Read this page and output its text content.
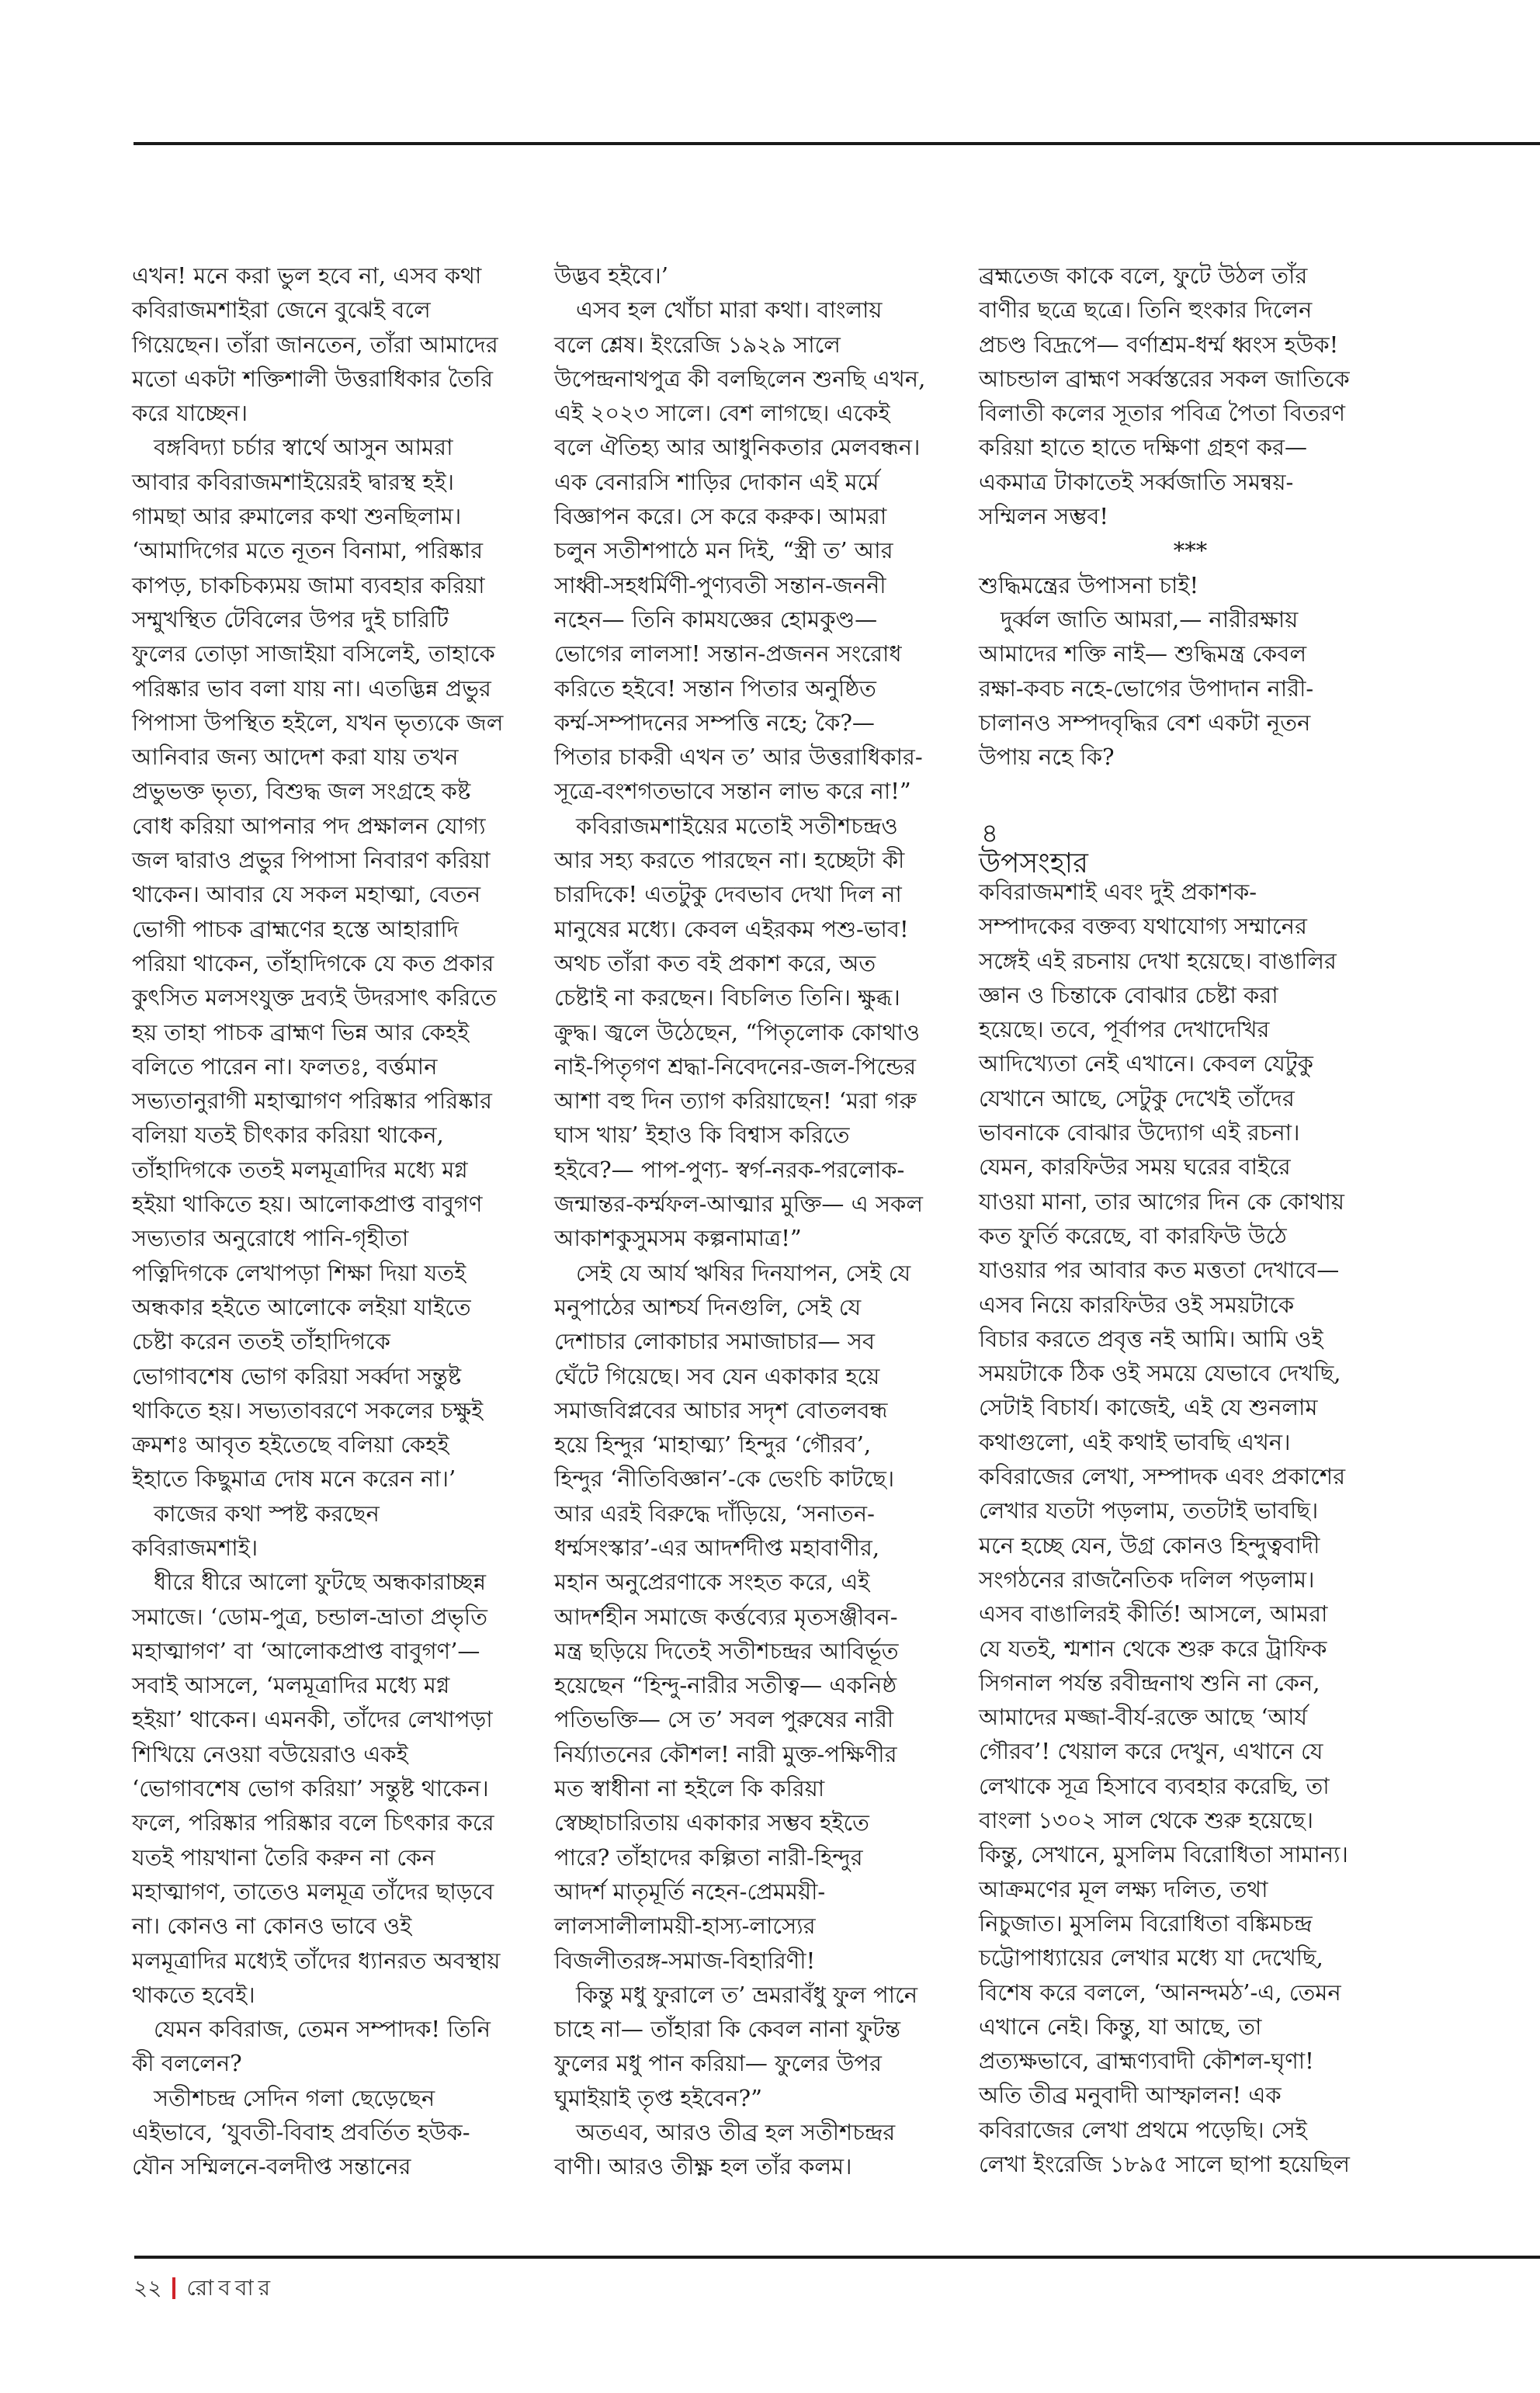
এখন! মনে করা ভুল হবে না, এসব কথা
কবিরাজমশাইরা জেনে বুঝেই বলে
গিয়েছেন। তাঁরা জানতেন, তাঁরা আমাদের
মতো একটা শক্তিশালী উত্তরাধিকার তৈরি
করে যাচ্ছেন।
বঙ্গবিদ্যা চর্চার স্বার্থে আসুন আমরা
আবার কবিরাজমশাইয়েরই দ্বারস্থ হই।
গামছা আর রুমালের কথা শুনছিলাম।
‘আমাদিগের মতে নূতন বিনামা, পরিষ্কার
কাপড়, চাকচিক্যময় জামা ব্যবহার করিয়া
সম্মুখস্থিত টেবিলের উপর দুই চারিটি
ফুলের তোড়া সাজাইয়া বসিলেই, তাহাকে
পরিষ্কার ভাব বলা যায় না। এতদ্ভিন্ন প্রভুর
পিপাসা উপস্থিত হইলে, যখন ভৃত্যকে জল
আনিবার জন্য আদেশ করা যায় তখন
প্রভুভক্ত ভৃত্য, বিশুদ্ধ জল সংগ্রহে কষ্ট
বোধ করিয়া আপনার পদ প্রক্ষালন যোগ্য
জল দ্বারাও প্রভুর পিপাসা নিবারণ করিয়া
থাকেন। আবার যে সকল মহাত্মা, বেতন
ভোগী পাচক ব্রাহ্মণের হস্তে আহারাদি
পরিয়া থাকেন, তাঁহাদিগকে যে কত প্রকার
কুৎসিত মলসংযুক্ত দ্রব্যই উদরসাৎ করিতে
হয় তাহা পাচক ব্রাহ্মণ ভিন্ন আর কেহই
বলিতে পারেন না। ফলতঃ, বর্ত্তমান
সভ্যতানুরাগী মহাত্মাগণ পরিষ্কার পরিষ্কার
বলিয়া যতই চীৎকার করিয়া থাকেন,
তাঁহাদিগকে ততই মলমূত্রাদির মধ্যে মগ্ন
হইয়া থাকিতে হয়। আলোকপ্রাপ্ত বাবুগণ
সভ্যতার অনুরোধে পানি-গৃহীতা
পত্নিদিগকে লেখাপড়া শিক্ষা দিয়া যতই
অন্ধকার হইতে আলোকে লইয়া যাইতে
চেষ্টা করেন ততই তাঁহাদিগকে
ভোগাবশেষ ভোগ করিয়া সর্ব্বদা সন্তুষ্ট
থাকিতে হয়। সভ্যতাবরণে সকলের চক্ষুই
ক্রমশঃ আবৃত হইতেছে বলিয়া কেহই
ইহাতে কিছুমাত্র দোষ মনে করেন না।’
কাজের কথা স্পষ্ট করছেন
কবিরাজমশাই।
ধীরে ধীরে আলো ফুটছে অন্ধকারাচ্ছন্ন
সমাজে। ‘ডোম-পুত্র, চন্ডাল-ভ্রাতা প্রভৃতি
মহাত্মাগণ’ বা ‘আলোকপ্রাপ্ত বাবুগণ’—
সবাই আসলে, ‘মলমূত্রাদির মধ্যে মগ্ন
হইয়া’ থাকেন। এমনকী, তাঁদের লেখাপড়া
শিখিয়ে নেওয়া বউয়েরাও একই
‘ভোগাবশেষ ভোগ করিয়া’ সন্তুষ্ট থাকেন।
ফলে, পরিষ্কার পরিষ্কার বলে চিৎকার করে
যতই পায়খানা তৈরি করুন না কেন
মহাত্মাগণ, তাতেও মলমূত্র তাঁদের ছাড়বে
না। কোনও না কোনও ভাবে ওই
মলমূত্রাদির মধ্যেই তাঁদের ধ্যানরত অবস্থায়
থাকতে হবেই।
যেমন কবিরাজ, তেমন সম্পাদক! তিনি
কী বললেন?
সতীশচন্দ্র সেদিন গলা ছেড়েছেন
এইভাবে, ‘যুবতী-বিবাহ প্রবর্তিত হউক-
যৌন সম্মিলনে-বলদীপ্ত সন্তানের
উদ্ভব হইবে।’
এসব হল খোঁচা মারা কথা। বাংলায়
বলে শ্লেষ। ইংরেজি ১৯২৯ সালে
উপেন্দ্রনাথপুত্র কী বলছিলেন শুনছি এখন,
এই ২০২৩ সালে। বেশ লাগছে। একেই
বলে ঐতিহ্য আর আধুনিকতার মেলবন্ধন।
এক বেনারসি শাড়ির দোকান এই মর্মে
বিজ্ঞাপন করে। সে করে করুক। আমরা
চলুন সতীশপাঠে মন দিই, “স্ত্রী ত’ আর
সাধ্বী-সহধর্মিণী-পুণ্যবতী সন্তান-জননী
নহেন— তিনি কামযজ্ঞের হোমকুণ্ড—
ভোগের লালসা! সন্তান-প্রজনন সংরোধ
করিতে হইবে! সন্তান পিতার অনুষ্ঠিত
কর্ম্ম-সম্পাদনের সম্পত্তি নহে; কৈ?—
পিতার চাকরী এখন ত’ আর উত্তরাধিকার-
সূত্রে-বংশগতভাবে সন্তান লাভ করে না!”
কবিরাজমশাইয়ের মতোই সতীশচন্দ্রও
আর সহ্য করতে পারছেন না। হচ্ছেটা কী
চারদিকে! এতটুকু দেবভাব দেখা দিল না
মানুষের মধ্যে। কেবল এইরকম পশু-ভাব!
অথচ তাঁরা কত বই প্রকাশ করে, অত
চেষ্টাই না করছেন। বিচলিত তিনি। ক্ষুব্ধ।
ক্রুদ্ধ। জ্বলে উঠেছেন, “পিতৃলোক কোথাও
নাই-পিতৃগণ শ্রদ্ধা-নিবেদনের-জল-পিন্ডের
আশা বহু দিন ত্যাগ করিয়াছেন! ‘মরা গরু
ঘাস খায়’ ইহাও কি বিশ্বাস করিতে
হইবে?— পাপ-পুণ্য- স্বর্গ-নরক-পরলোক-
জন্মান্তর-কর্ম্মফল-আত্মার মুক্তি— এ সকল
আকাশকুসুমসম কল্পনামাত্র!”
সেই যে আর্য ঋষির দিনযাপন, সেই যে
মনুপাঠের আশ্চর্য দিনগুলি, সেই যে
দেশাচার লোকাচার সমাজাচার— সব
ঘেঁটে গিয়েছে। সব যেন একাকার হয়ে
সমাজবিপ্লবের আচার সদৃশ বোতলবন্ধ
হয়ে হিন্দুর ‘মাহাত্ম্য’ হিন্দুর ‘গৌরব’,
হিন্দুর ‘নীতিবিজ্ঞান’-কে ভেংচি কাটছে।
আর এরই বিরুদ্ধে দাঁড়িয়ে, ‘সনাতন-
ধর্ম্মসংস্কার’-এর আদর্শদীপ্ত মহাবাণীর,
মহান অনুপ্রেরণাকে সংহত করে, এই
আদর্শহীন সমাজে কর্ত্তব্যের মৃতসঞ্জীবন-
মন্ত্র ছড়িয়ে দিতেই সতীশচন্দ্রর আবির্ভূত
হয়েছেন “হিন্দু-নারীর সতীত্ব— একনিষ্ঠ
পতিভক্তি— সে ত’ সবল পুরুষের নারী
নির্য্যাতনের কৌশল! নারী মুক্ত-পক্ষিণীর
মত স্বাধীনা না হইলে কি করিয়া
স্বেচ্ছাচারিতায় একাকার সম্ভব হইতে
পারে? তাঁহাদের কল্পিতা নারী-হিন্দুর
আদর্শ মাতৃমূর্তি নহেন-প্রেমময়ী-
লালসালীলাময়ী-হাস্য-লাস্যের
বিজলীতরঙ্গ-সমাজ-বিহারিণী!
কিন্তু মধু ফুরালে ত’ ভ্রমরাবঁধু ফুল পানে
চাহে না— তাঁহারা কি কেবল নানা ফুটন্ত
ফুলের মধু পান করিয়া— ফুলের উপর
ঘুমাইয়াই তৃপ্ত হইবেন?”
অতএব, আরও তীব্র হল সতীশচন্দ্রর
বাণী। আরও তীক্ষ্ণ হল তাঁর কলম।
ব্রহ্মতেজ কাকে বলে, ফুটে উঠল তাঁর
বাণীর ছত্রে ছত্রে। তিনি হুংকার দিলেন
প্রচণ্ড বিদ্রূপে— বর্ণাশ্রম-ধর্ম্ম ধ্বংস হউক!
আচন্ডাল ব্রাহ্মণ সর্ব্বস্তরের সকল জাতিকে
বিলাতী কলের সূতার পবিত্র পৈতা বিতরণ
করিয়া হাতে হাতে দক্ষিণা গ্রহণ কর—
একমাত্র টাকাতেই সর্ব্বজাতি সমন্বয়-
সম্মিলন সম্ভব!
***
শুদ্ধিমন্ত্রের উপাসনা চাই!
দুর্ব্বল জাতি আমরা,— নারীরক্ষায়
আমাদের শক্তি নাই— শুদ্ধিমন্ত্র কেবল
রক্ষা-কবচ নহে-ভোগের উপাদান নারী-
চালানও সম্পদবৃদ্ধির বেশ একটা নূতন
উপায় নহে কি?
৪
উপসংহার
কবিরাজমশাই এবং দুই প্রকাশক-
সম্পাদকের বক্তব্য যথাযোগ্য সম্মানের
সঙ্গেই এই রচনায় দেখা হয়েছে। বাঙালির
জ্ঞান ও চিন্তাকে বোঝার চেষ্টা করা
হয়েছে। তবে, পূর্বাপর দেখাদেখির
আদিখ্যেতা নেই এখানে। কেবল যেটুকু
যেখানে আছে, সেটুকু দেখেই তাঁদের
ভাবনাকে বোঝার উদ্যোগ এই রচনা।
যেমন, কারফিউর সময় ঘরের বাইরে
যাওয়া মানা, তার আগের দিন কে কোথায়
কত ফুর্তি করেছে, বা কারফিউ উঠে
যাওয়ার পর আবার কত মত্ততা দেখাবে—
এসব নিয়ে কারফিউর ওই সময়টাকে
বিচার করতে প্রবৃত্ত নই আমি। আমি ওই
সময়টাকে ঠিক ওই সময়ে যেভাবে দেখছি,
সেটাই বিচার্য। কাজেই, এই যে শুনলাম
কথাগুলো, এই কথাই ভাবছি এখন।
কবিরাজের লেখা, সম্পাদক এবং প্রকাশের
লেখার যতটা পড়লাম, ততটাই ভাবছি।
মনে হচ্ছে যেন, উগ্র কোনও হিন্দুত্ববাদী
সংগঠনের রাজনৈতিক দলিল পড়লাম।
এসব বাঙালিরই কীর্তি! আসলে, আমরা
যে যতই, শ্মশান থেকে শুরু করে ট্রাফিক
সিগনাল পর্যন্ত রবীন্দ্রনাথ শুনি না কেন,
আমাদের মজ্জা-বীর্য-রক্তে আছে ‘আর্য
গৌরব’! খেয়াল করে দেখুন, এখানে যে
লেখাকে সূত্র হিসাবে ব্যবহার করেছি, তা
বাংলা ১৩০২ সাল থেকে শুরু হয়েছে।
কিন্তু, সেখানে, মুসলিম বিরোধিতা সামান্য।
আক্রমণের মূল লক্ষ্য দলিত, তথা
নিচুজাত। মুসলিম বিরোধিতা বঙ্কিমচন্দ্র
চট্টোপাধ্যায়ের লেখার মধ্যে যা দেখেছি,
বিশেষ করে বললে, ‘আনন্দমঠ’-এ, তেমন
এখানে নেই। কিন্তু, যা আছে, তা
প্রত্যক্ষভাবে, ব্রাহ্মণ্যবাদী কৌশল-ঘৃণা!
অতি তীব্র মনুবাদী আস্ফালন! এক
কবিরাজের লেখা প্রথমে পড়েছি। সেই
লেখা ইংরেজি ১৮৯৫ সালে ছাপা হয়েছিল
২২ রোববার
